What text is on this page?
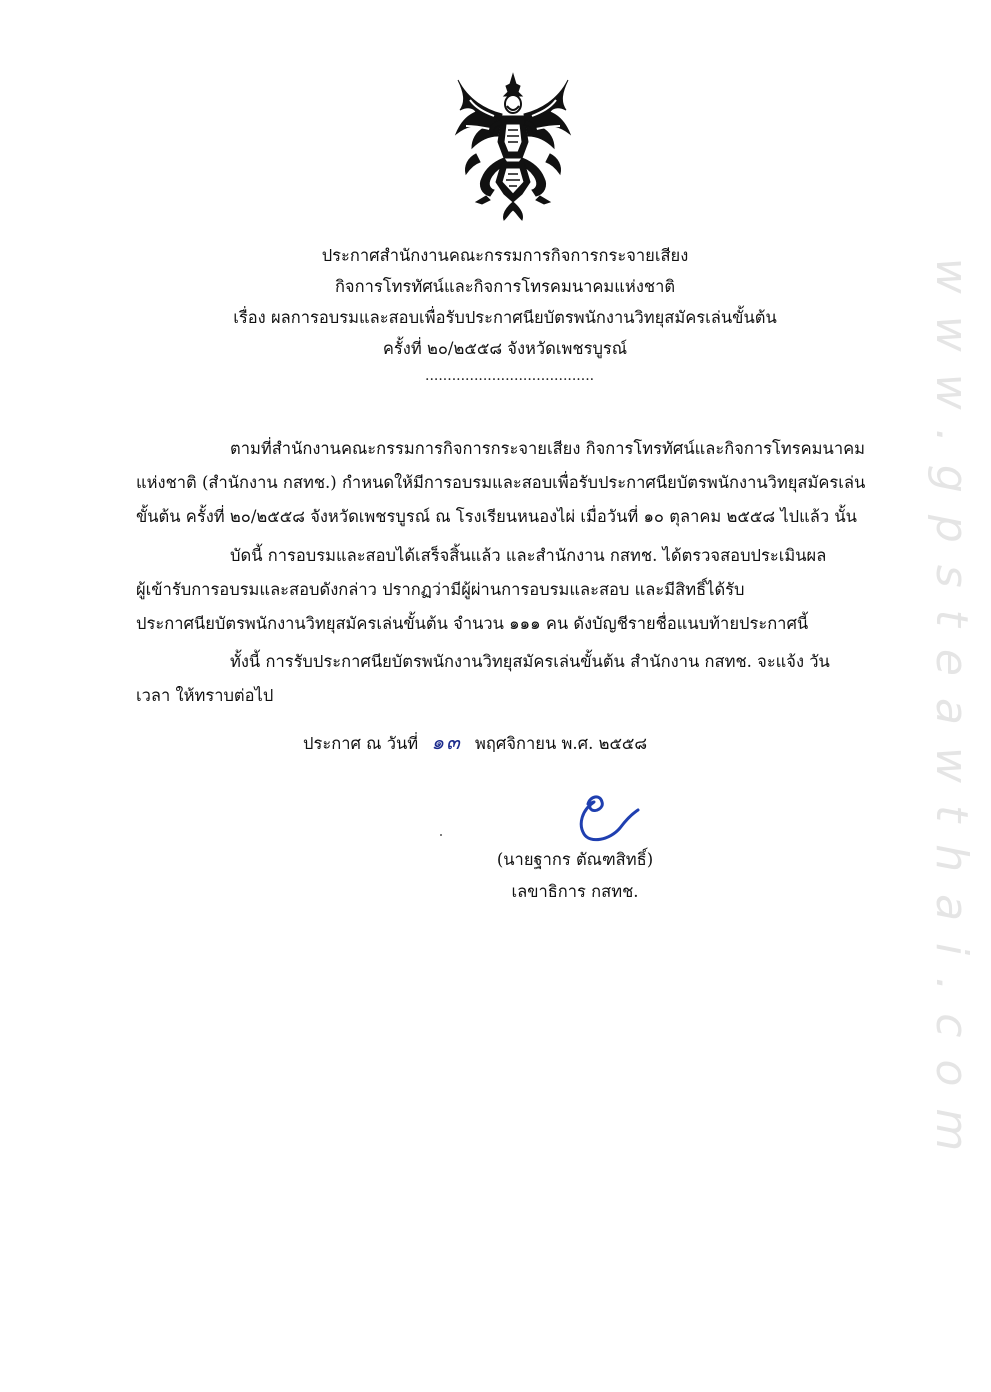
ประกาศสำนักงานคณะกรรมการกิจการกระจายเสียง
กิจการโทรทัศน์และกิจการโทรคมนาคมแห่งชาติ
เรื่อง ผลการอบรมและสอบเพื่อรับประกาศนียบัตรพนักงานวิทยุสมัครเล่นขั้นต้น
ครั้งที่ ๒๐/๒๕๕๘ จังหวัดเพชรบูรณ์
......................................
ตามที่สำนักงานคณะกรรมการกิจการกระจายเสียง กิจการโทรทัศน์และกิจการโทรคมนาคม
แห่งชาติ (สำนักงาน กสทช.) กำหนดให้มีการอบรมและสอบเพื่อรับประกาศนียบัตรพนักงานวิทยุสมัครเล่น
ขั้นต้น ครั้งที่ ๒๐/๒๕๕๘ จังหวัดเพชรบูรณ์ ณ โรงเรียนหนองไผ่ เมื่อวันที่ ๑๐ ตุลาคม ๒๕๕๘ ไปแล้ว นั้น
บัดนี้ การอบรมและสอบได้เสร็จสิ้นแล้ว และสำนักงาน กสทช. ได้ตรวจสอบประเมินผล
ผู้เข้ารับการอบรมและสอบดังกล่าว ปรากฏว่ามีผู้ผ่านการอบรมและสอบ และมีสิทธิ์ได้รับ
ประกาศนียบัตรพนักงานวิทยุสมัครเล่นขั้นต้น จำนวน ๑๑๑ คน ดังบัญชีรายชื่อแนบท้ายประกาศนี้
ทั้งนี้ การรับประกาศนียบัตรพนักงานวิทยุสมัครเล่นขั้นต้น สำนักงาน กสทช. จะแจ้ง วัน
เวลา ให้ทราบต่อไป
ประกาศ ณ วันที่ ๑๓ พฤศจิกายน พ.ศ. ๒๕๕๘
(นายฐากร ตัณฑสิทธิ์)
เลขาธิการ กสทช.	www.gpsteawthai.com
